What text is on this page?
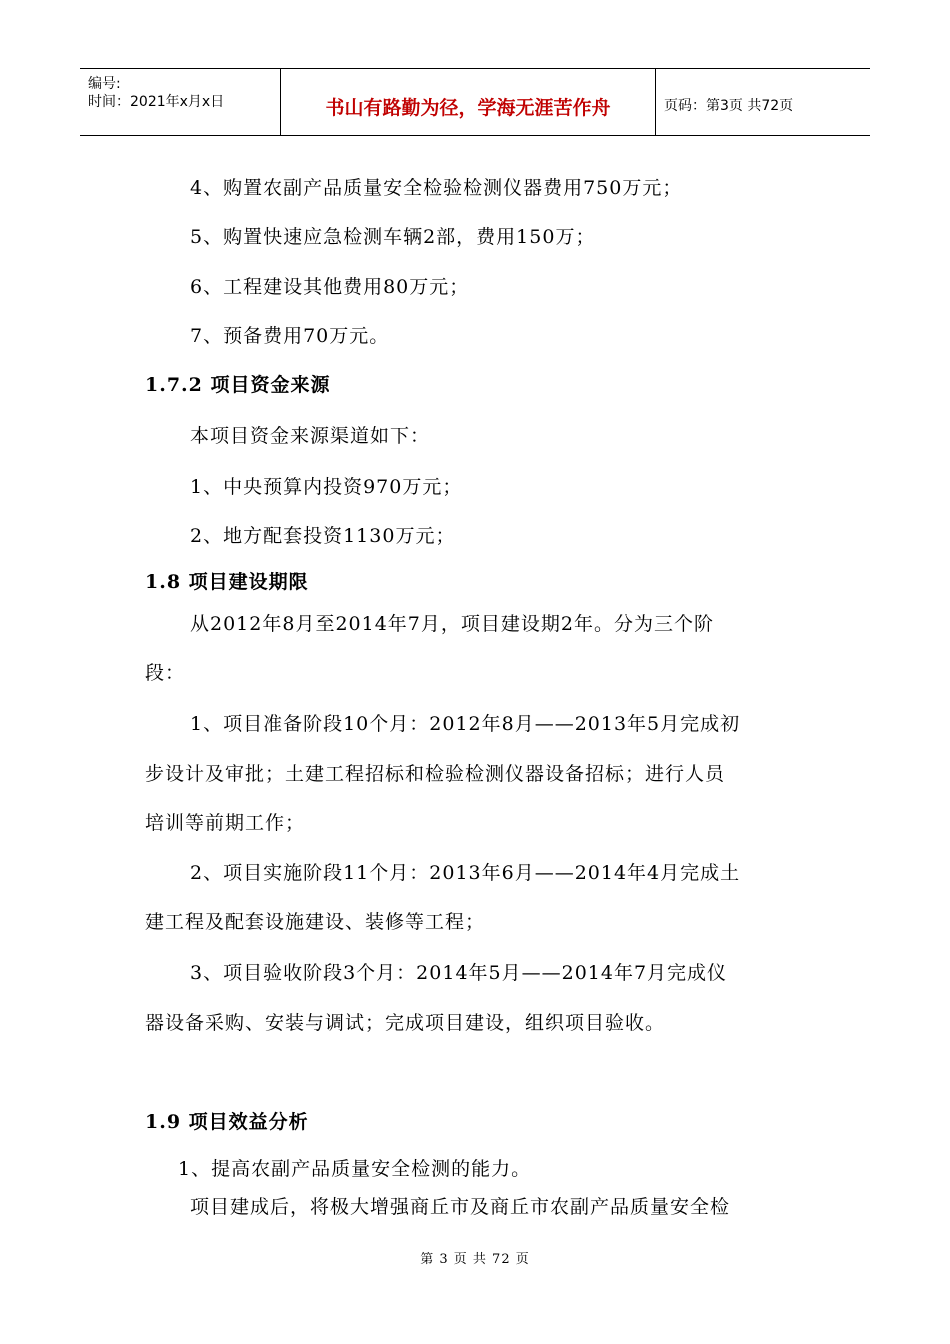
编号:
时间：2021年x月x日	书山有路勤为径，学海无涯苦作舟	页码：第3页 共72页
4、购置农副产品质量安全检验检测仪器费用750万元；
5、购置快速应急检测车辆2部，费用150万；
6、工程建设其他费用80万元；
7、预备费用70万元。
1.7.2 项目资金来源
本项目资金来源渠道如下：
1、中央预算内投资970万元；
2、地方配套投资1130万元；
1.8 项目建设期限
从2012年8月至2014年7月，项目建设期2年。分为三个阶
段：
1、项目准备阶段10个月：2012年8月——2013年5月完成初
步设计及审批；土建工程招标和检验检测仪器设备招标；进行人员
培训等前期工作；
2、项目实施阶段11个月：2013年6月——2014年4月完成土
建工程及配套设施建设、装修等工程；
3、项目验收阶段3个月：2014年5月——2014年7月完成仪
器设备采购、安装与调试；完成项目建设，组织项目验收。
1.9 项目效益分析
1、提高农副产品质量安全检测的能力。
项目建成后，将极大增强商丘市及商丘市农副产品质量安全检
第 3 页 共 72 页
